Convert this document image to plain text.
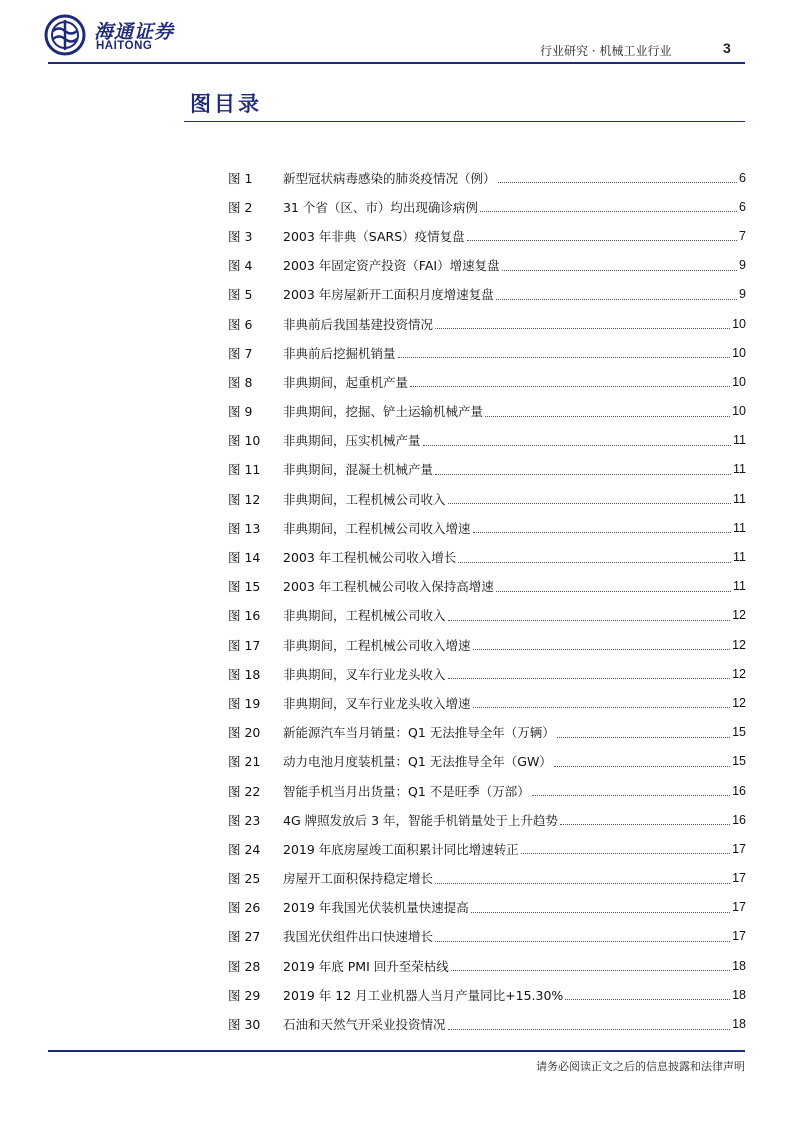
海通证券
HAITONG	行业研究 · 机械工业行业	3
图目录
图 1	新型冠状病毒感染的肺炎疫情况（例）	6
图 2	31 个省（区、市）均出现确诊病例	6
图 3	2003 年非典（SARS）疫情复盘	7
图 4	2003 年固定资产投资（FAI）增速复盘	9
图 5	2003 年房屋新开工面积月度增速复盘	9
图 6	非典前后我国基建投资情况	10
图 7	非典前后挖掘机销量	10
图 8	非典期间，起重机产量	10
图 9	非典期间，挖掘、铲土运输机械产量	10
图 10	非典期间，压实机械产量	11
图 11	非典期间，混凝土机械产量	11
图 12	非典期间，工程机械公司收入	11
图 13	非典期间，工程机械公司收入增速	11
图 14	2003 年工程机械公司收入增长	11
图 15	2003 年工程机械公司收入保持高增速	11
图 16	非典期间，工程机械公司收入	12
图 17	非典期间，工程机械公司收入增速	12
图 18	非典期间，叉车行业龙头收入	12
图 19	非典期间，叉车行业龙头收入增速	12
图 20	新能源汽车当月销量：Q1 无法推导全年（万辆）	15
图 21	动力电池月度装机量：Q1 无法推导全年（GW）	15
图 22	智能手机当月出货量：Q1 不是旺季（万部）	16
图 23	4G 牌照发放后 3 年，智能手机销量处于上升趋势	16
图 24	2019 年底房屋竣工面积累计同比增速转正	17
图 25	房屋开工面积保持稳定增长	17
图 26	2019 年我国光伏装机量快速提高	17
图 27	我国光伏组件出口快速增长	17
图 28	2019 年底 PMI 回升至荣枯线	18
图 29	2019 年 12 月工业机器人当月产量同比+15.30%	18
图 30	石油和天然气开采业投资情况	18
请务必阅读正文之后的信息披露和法律声明
